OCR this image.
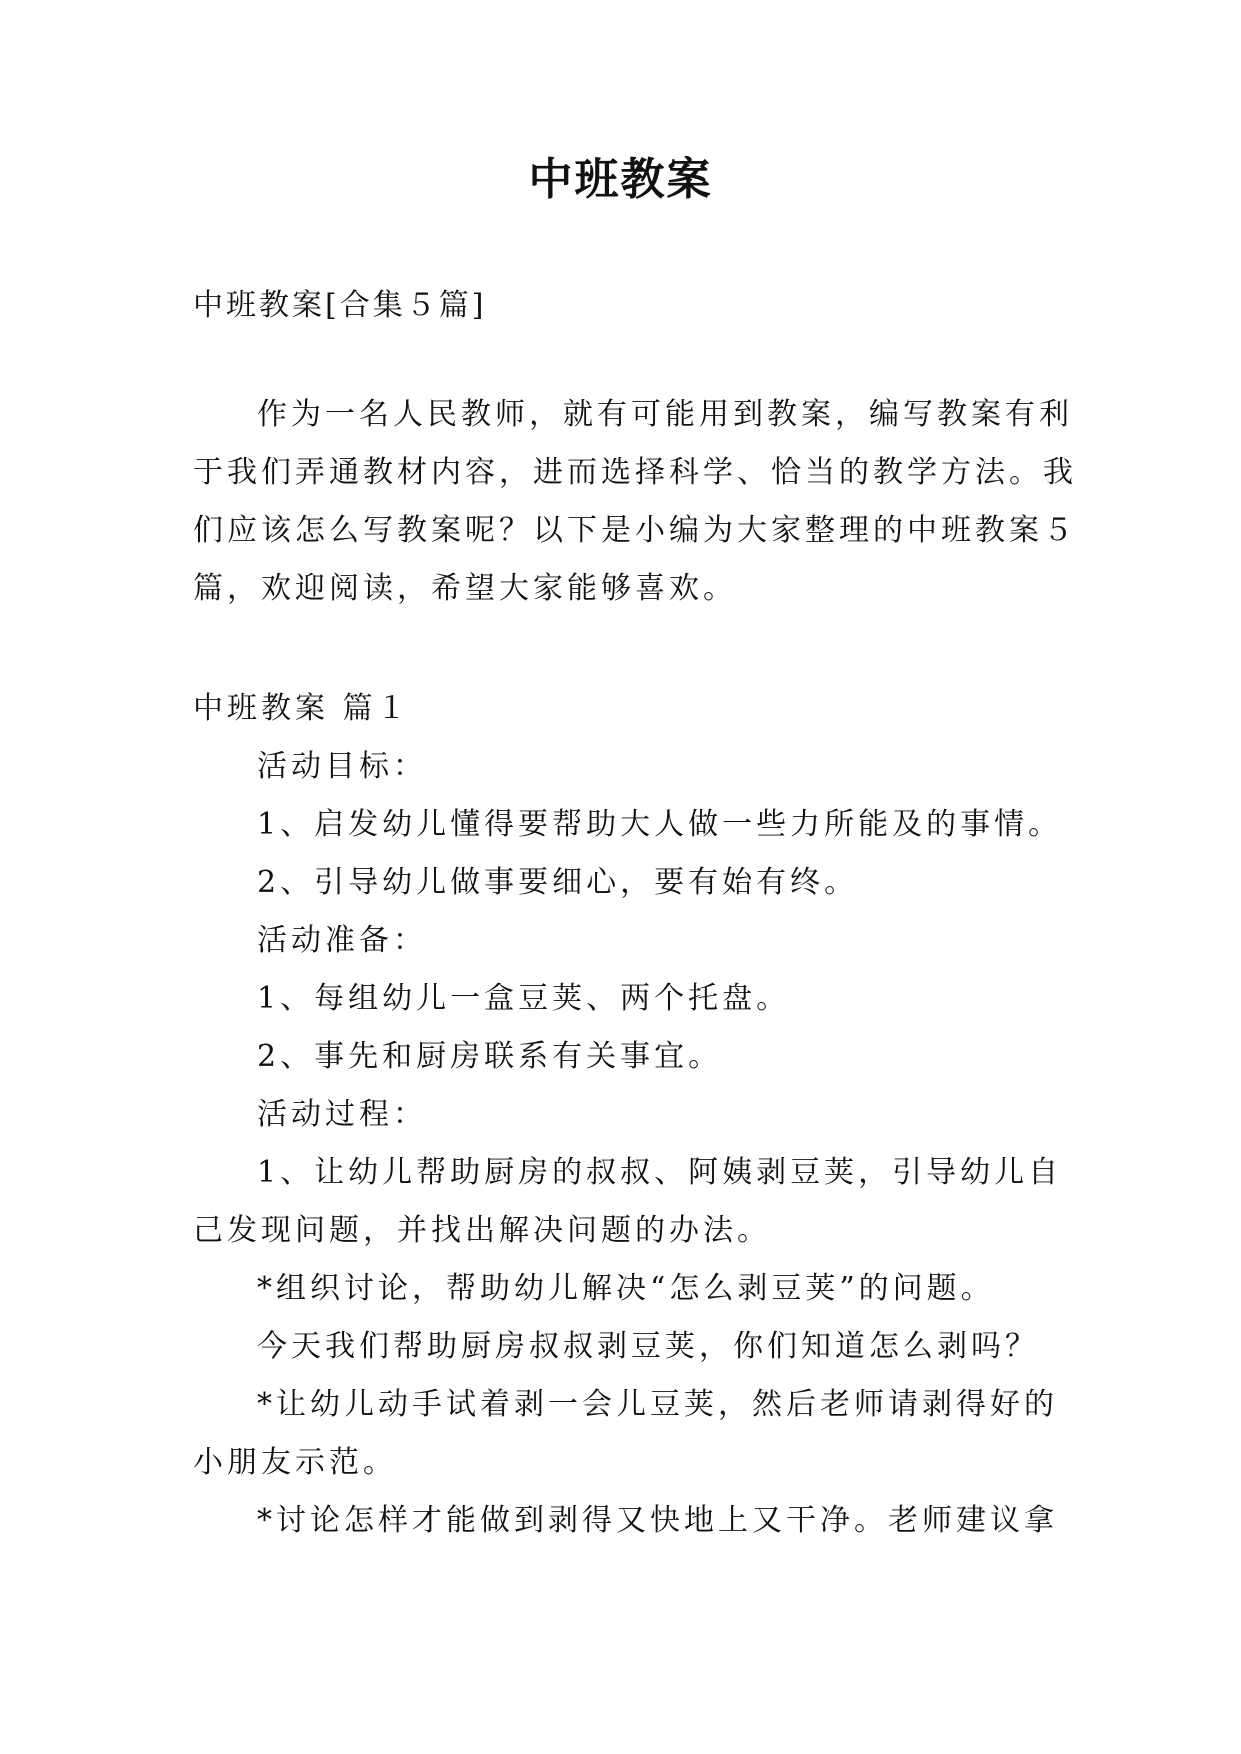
中班教案

中班教案[合集５篇]

作为一名人民教师，就有可能用到教案，编写教案有利

于我们弄通教材内容，进而选择科学、恰当的教学方法。我

们应该怎么写教案呢？以下是小编为大家整理的中班教案５

篇，欢迎阅读，希望大家能够喜欢。

中班教案 篇１

活动目标：

1、启发幼儿懂得要帮助大人做一些力所能及的事情。

2、引导幼儿做事要细心，要有始有终。

活动准备：

1、每组幼儿一盒豆荚、两个托盘。

2、事先和厨房联系有关事宜。

活动过程：

1、让幼儿帮助厨房的叔叔、阿姨剥豆荚，引导幼儿自

己发现问题，并找出解决问题的办法。

*组织讨论，帮助幼儿解决“怎么剥豆荚”的问题。

今天我们帮助厨房叔叔剥豆荚，你们知道怎么剥吗？

*让幼儿动手试着剥一会儿豆荚，然后老师请剥得好的

小朋友示范。

*讨论怎样才能做到剥得又快地上又干净。老师建议拿
